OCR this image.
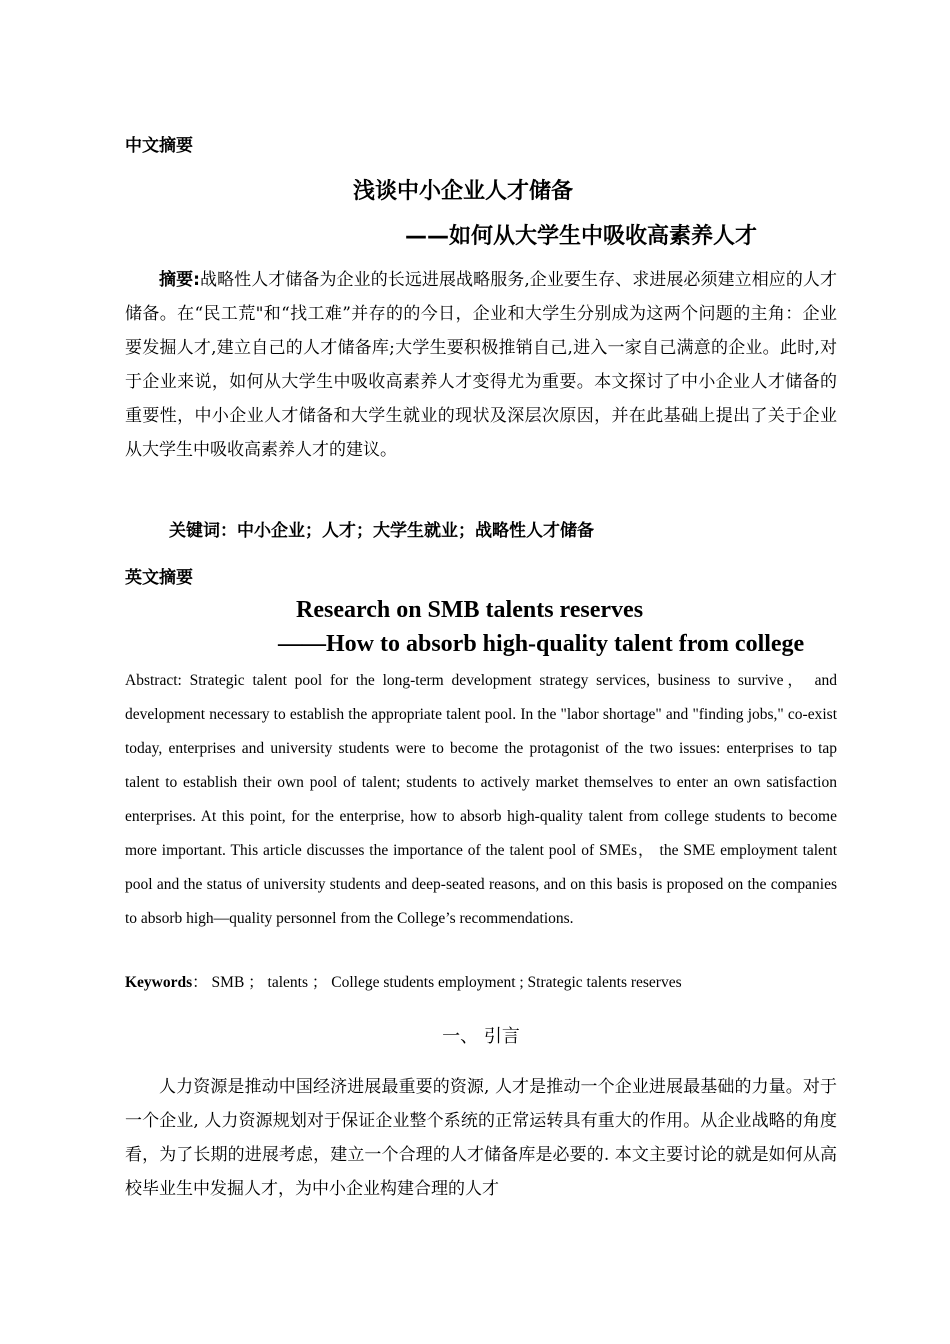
中文摘要
浅谈中小企业人才储备
——如何从大学生中吸收高素养人才
摘要:战略性人才储备为企业的长远进展战略服务,企业要生存、求进展必须建立相应的人才储备。在“民工荒"和“找工难”并存的的今日，企业和大学生分别成为这两个问题的主角：企业要发掘人才,建立自己的人才储备库;大学生要积极推销自己,进入一家自己满意的企业。此时,对于企业来说，如何从大学生中吸收高素养人才变得尤为重要。本文探讨了中小企业人才储备的重要性，中小企业人才储备和大学生就业的现状及深层次原因，并在此基础上提出了关于企业从大学生中吸收高素养人才的建议。
关键词：中小企业；人才；大学生就业；战略性人才储备
英文摘要
Research on SMB talents reserves
——How to absorb high-quality talent from college
Abstract: Strategic talent pool for the long-term development strategy services, business to survive， and development necessary to establish the appropriate talent pool. In the "labor shortage" and "finding jobs," co-exist today, enterprises and university students were to become the protagonist of the two issues: enterprises to tap talent to establish their own pool of talent; students to actively market themselves to enter an own satisfaction enterprises. At this point, for the enterprise, how to absorb high-quality talent from college students to become more important. This article discusses the importance of the talent pool of SMEs， the SME employment talent pool and the status of university students and deep-seated reasons, and on this basis is proposed on the companies to absorb high—quality personnel from the College’s recommendations.
Keywords： SMB ； talents ； College students employment ; Strategic talents reserves
一、 引言
人力资源是推动中国经济进展最重要的资源, 人才是推动一个企业进展最基础的力量。对于一个企业, 人力资源规划对于保证企业整个系统的正常运转具有重大的作用。从企业战略的角度看，为了长期的进展考虑，建立一个合理的人才储备库是必要的. 本文主要讨论的就是如何从高校毕业生中发掘人才，为中小企业构建合理的人才
